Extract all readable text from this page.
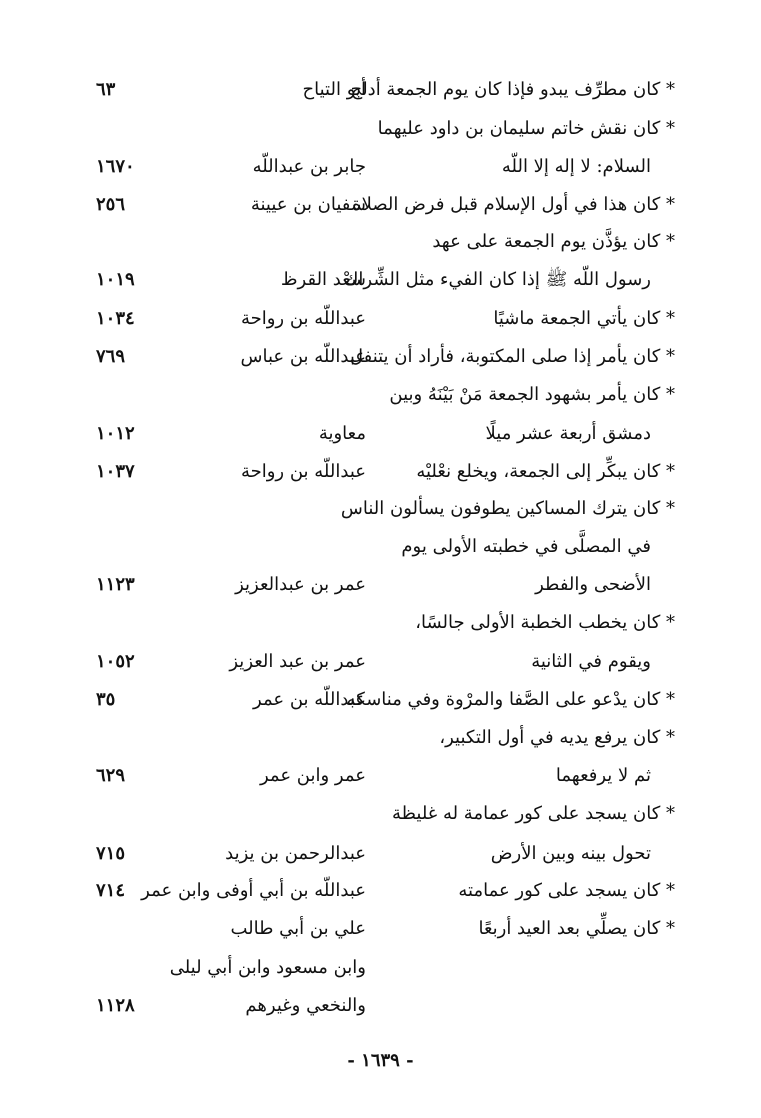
* كان مطرِّف يبدو فإذا كان يوم الجمعة أدلج
أبو التياح
٦٣
* كان نقش خاتم سليمان بن داود عليهما
السلام: لا إله إلا اللّه
جابر بن عبداللّه
١٦٧٠
* كان هذا في أول الإسلام قبل فرض الصلاة
سفيان بن عيينة
٢٥٦
* كان يؤذَّن يوم الجمعة على عهد
رسول اللّه ﷺ إذا كان الفيء مثل الشِّراك
سعْد القرظ
١٠١٩
* كان يأتي الجمعة ماشيًا
عبداللّه بن رواحة
١٠٣٤
* كان يأمر إذا صلى المكتوبة، فأراد أن يتنفل
عبداللّه بن عباس
٧٦٩
* كان يأمر بشهود الجمعة مَنْ بَيْنَهُ وبين
دمشق أربعة عشر ميلًا
معاوية
١٠١٢
* كان يبكِّر إلى الجمعة، ويخلع نعْليْه
عبداللّه بن رواحة
١٠٣٧
* كان يترك المساكين يطوفون يسألون الناس
في المصلَّى في خطبته الأولى يوم
الأضحى والفطر
عمر بن عبدالعزيز
١١٢٣
* كان يخطب الخطبة الأولى جالسًا،
ويقوم في الثانية
عمر بن عبد العزيز
١٠٥٢
* كان يدْعو على الصَّفا والمرْوة وفي مناسكه
عبداللّه بن عمر
٣٥
* كان يرفع يديه في أول التكبير،
ثم لا يرفعهما
عمر وابن عمر
٦٢٩
* كان يسجد على كور عمامة له غليظة
تحول بينه وبين الأرض
عبدالرحمن بن يزيد
٧١٥
* كان يسجد على كور عمامته
عبداللّه بن أبي أوفى وابن عمر
٧١٤
* كان يصلِّي بعد العيد أربعًا
علي بن أبي طالب
وابن مسعود وابن أبي ليلى
والنخعي وغيرهم
١١٢٨
- ١٦٣٩ -
